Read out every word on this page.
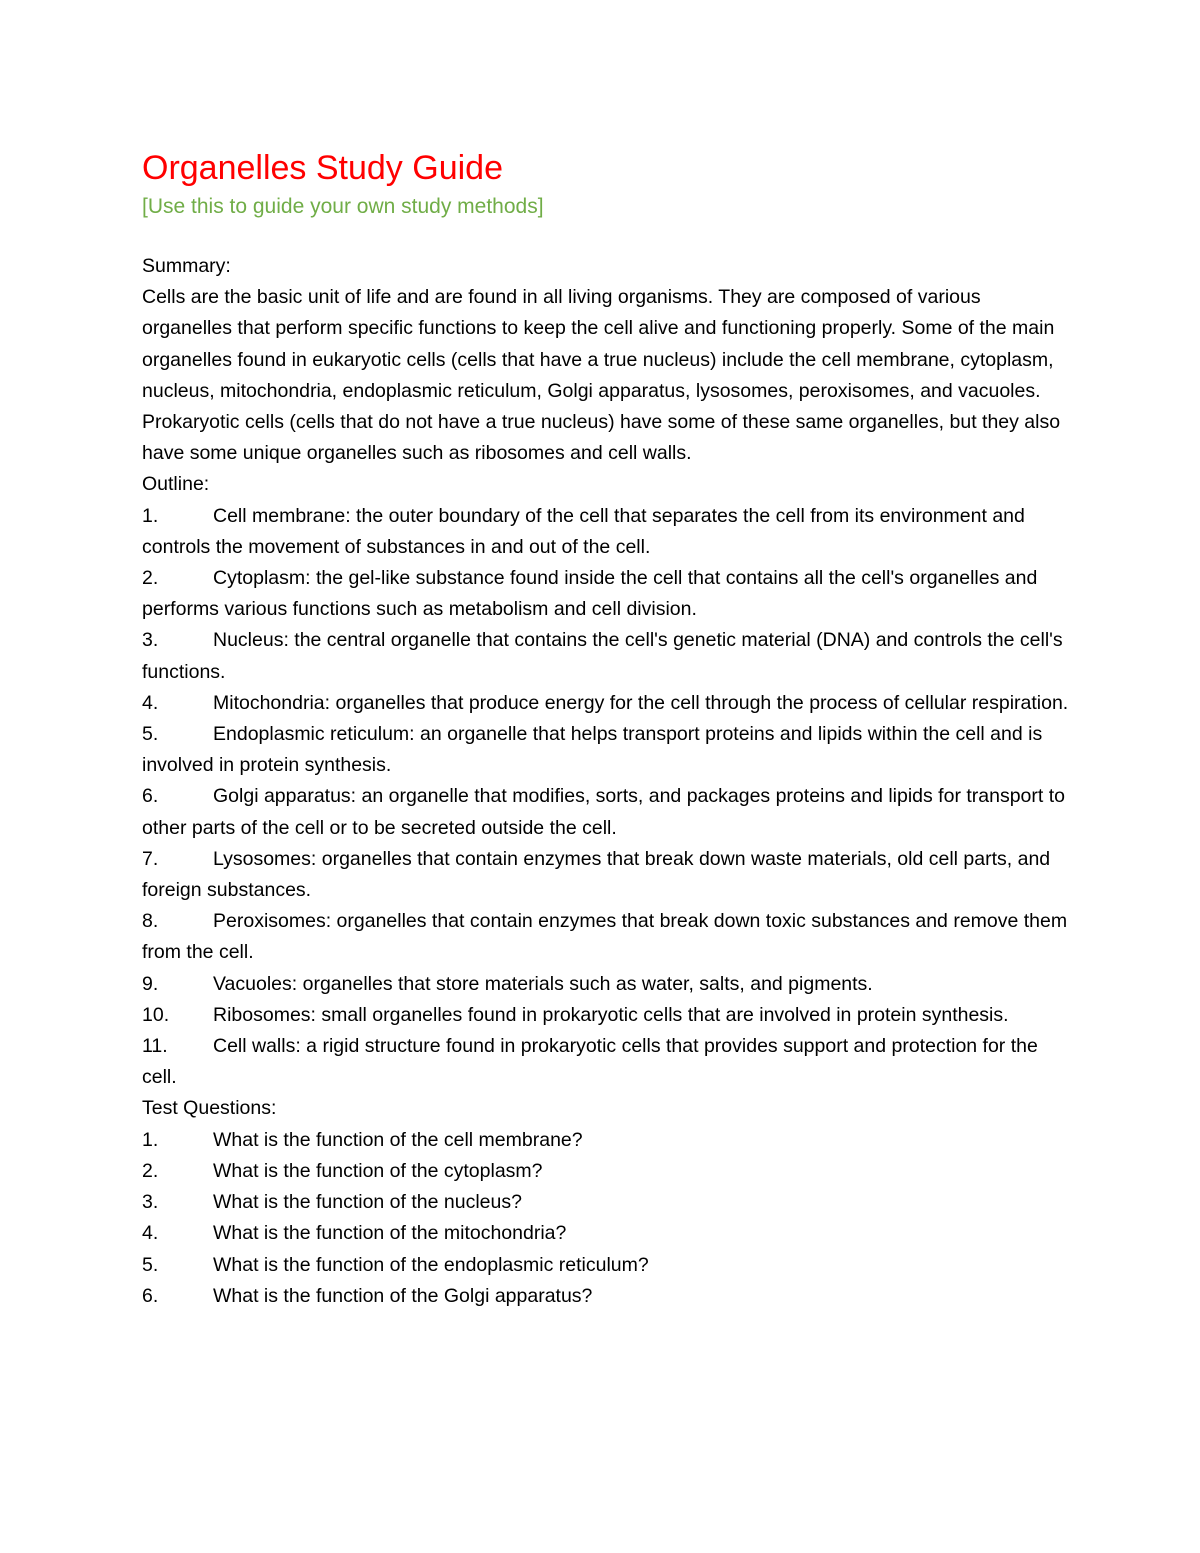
Organelles Study Guide
[Use this to guide your own study methods]

Summary:

Cells are the basic unit of life and are found in all living organisms. They are composed of various organelles that perform specific functions to keep the cell alive and functioning properly. Some of the main organelles found in eukaryotic cells (cells that have a true nucleus) include the cell membrane, cytoplasm, nucleus, mitochondria, endoplasmic reticulum, Golgi apparatus, lysosomes, peroxisomes, and vacuoles. Prokaryotic cells (cells that do not have a true nucleus) have some of these same organelles, but they also have some unique organelles such as ribosomes and cell walls.

Outline:

1.	Cell membrane: the outer boundary of the cell that separates the cell from its environment and controls the movement of substances in and out of the cell.

2.	Cytoplasm: the gel-like substance found inside the cell that contains all the cell's organelles and performs various functions such as metabolism and cell division.

3.	Nucleus: the central organelle that contains the cell's genetic material (DNA) and controls the cell's functions.

4.	Mitochondria: organelles that produce energy for the cell through the process of cellular respiration.

5.	Endoplasmic reticulum: an organelle that helps transport proteins and lipids within the cell and is involved in protein synthesis.

6.	Golgi apparatus: an organelle that modifies, sorts, and packages proteins and lipids for transport to other parts of the cell or to be secreted outside the cell.

7.	Lysosomes: organelles that contain enzymes that break down waste materials, old cell parts, and foreign substances.

8.	Peroxisomes: organelles that contain enzymes that break down toxic substances and remove them from the cell.

9.	Vacuoles: organelles that store materials such as water, salts, and pigments.

10. Ribosomes: small organelles found in prokaryotic cells that are involved in protein synthesis.

11. Cell walls: a rigid structure found in prokaryotic cells that provides support and protection for the cell.

Test Questions:

1.	What is the function of the cell membrane?

2.	What is the function of the cytoplasm?

3.	What is the function of the nucleus?

4.	What is the function of the mitochondria?

5.	What is the function of the endoplasmic reticulum?

6.	What is the function of the Golgi apparatus?
